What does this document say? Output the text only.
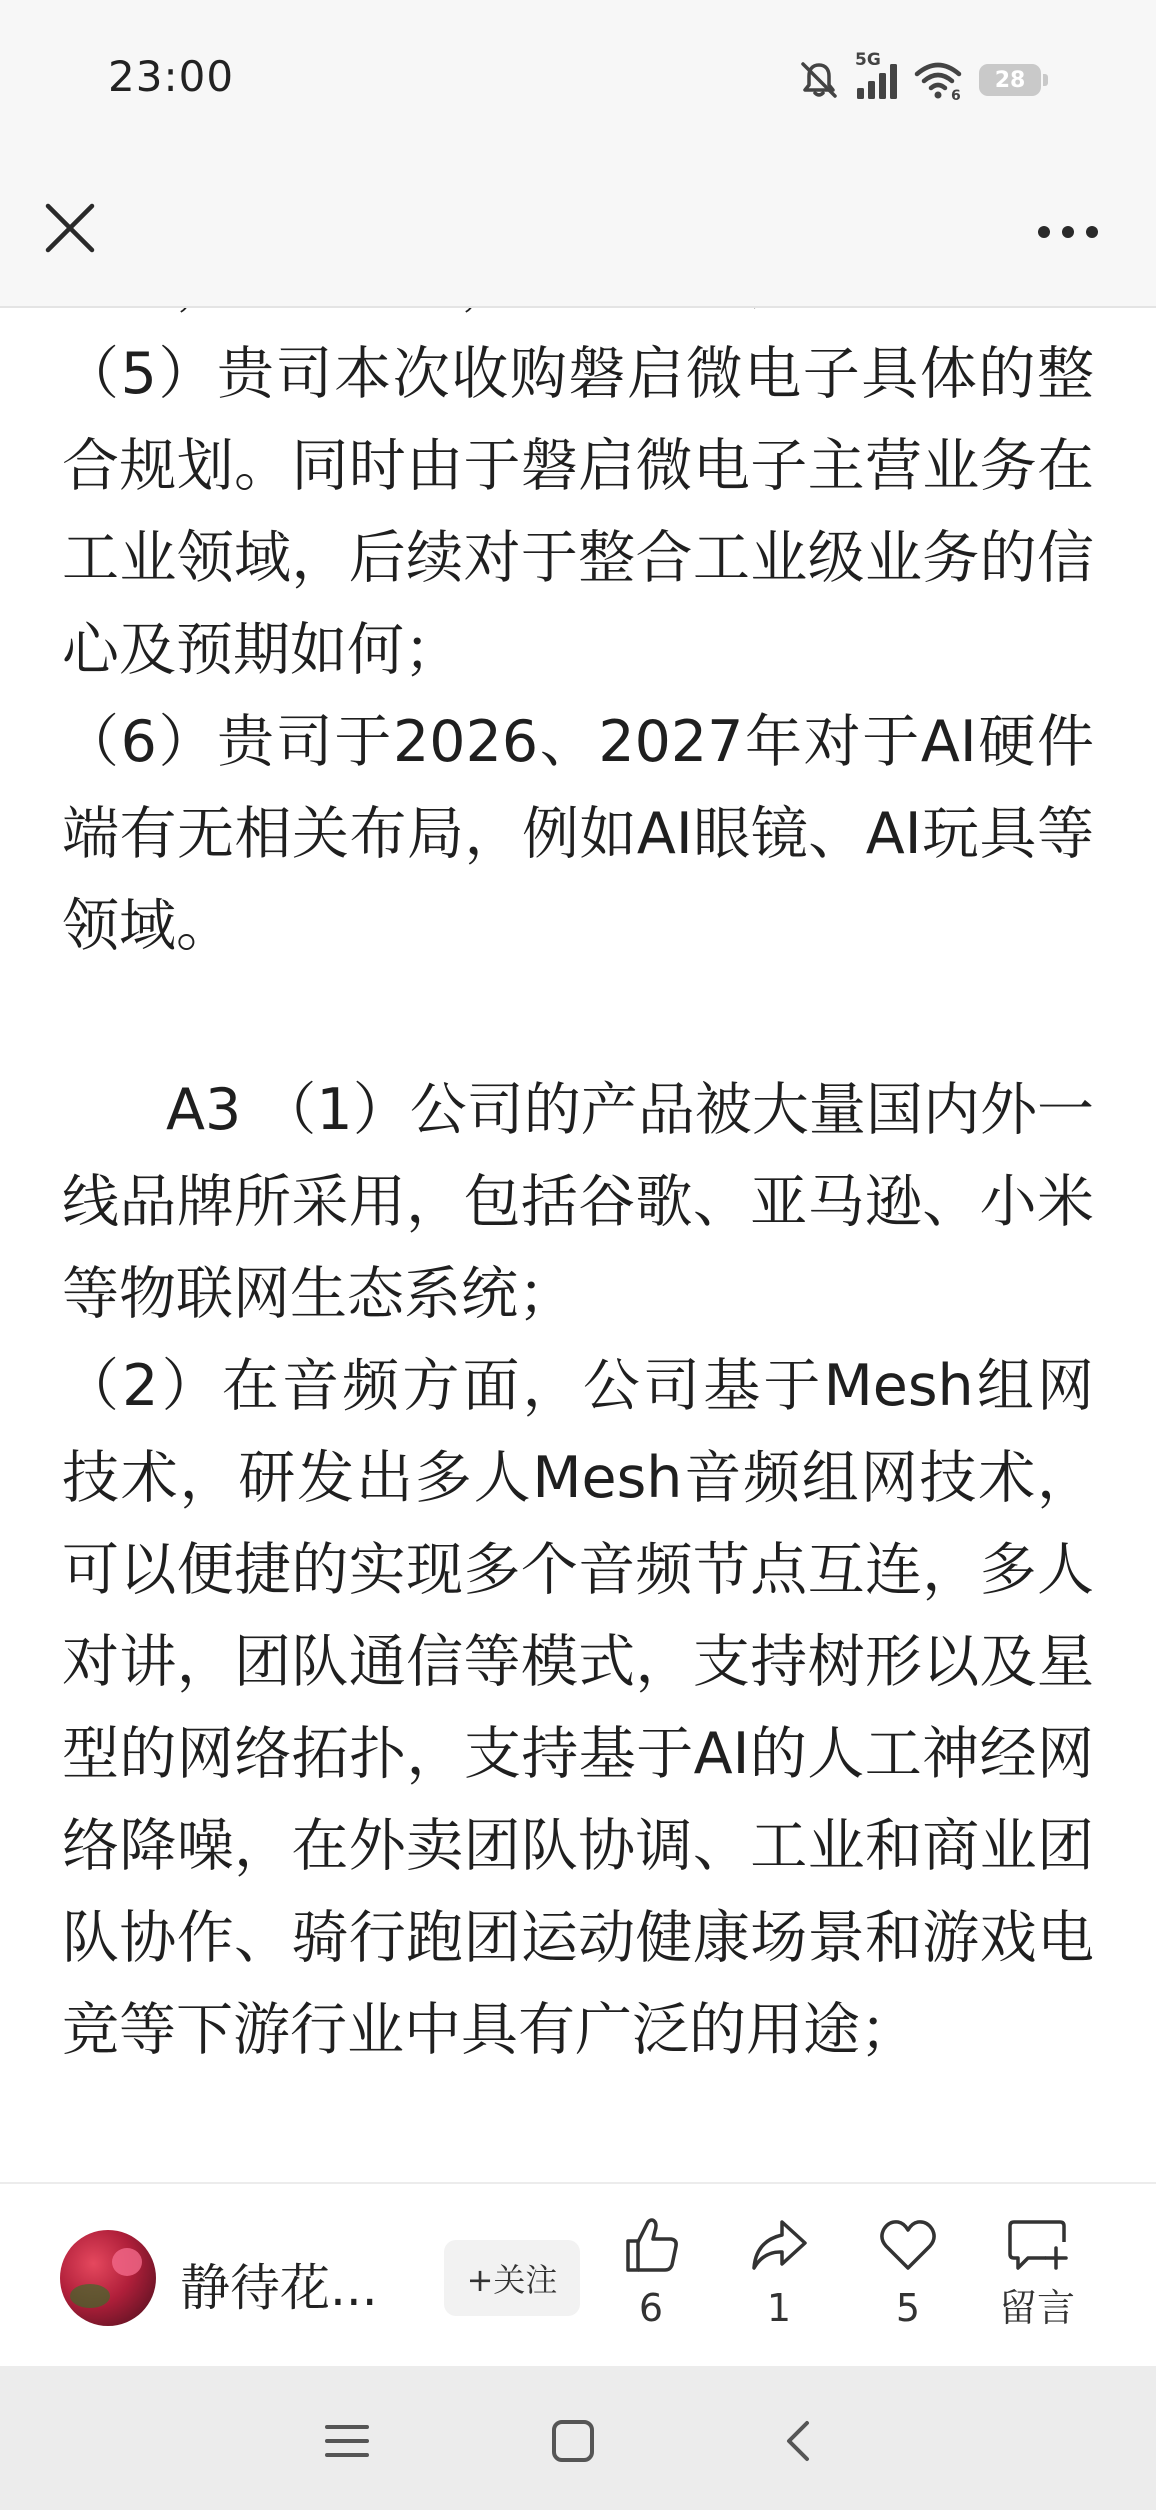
23:00	5G
6
28

（5）贵司本次收购磐启微电子具体的整合规划。同时由于磐启微电子主营业务在工业领域，后续对于整合工业级业务的信心及预期如何；

（6）贵司于2026、2027年对于AI硬件端有无相关布局，例如AI眼镜、AI玩具等领域。

A3 （1）公司的产品被大量国内外一线品牌所采用，包括谷歌、亚马逊、小米等物联网生态系统；

（2）在音频方面，公司基于Mesh组网技术，研发出多人Mesh音频组网技术，可以便捷的实现多个音频节点互连，多人对讲，团队通信等模式，支持树形以及星型的网络拓扑，支持基于AI的人工神经网络降噪，在外卖团队协调、工业和商业团队协作、骑行跑团运动健康场景和游戏电竞等下游行业中具有广泛的用途；

静待花...	+关注
6	1	5 留言
